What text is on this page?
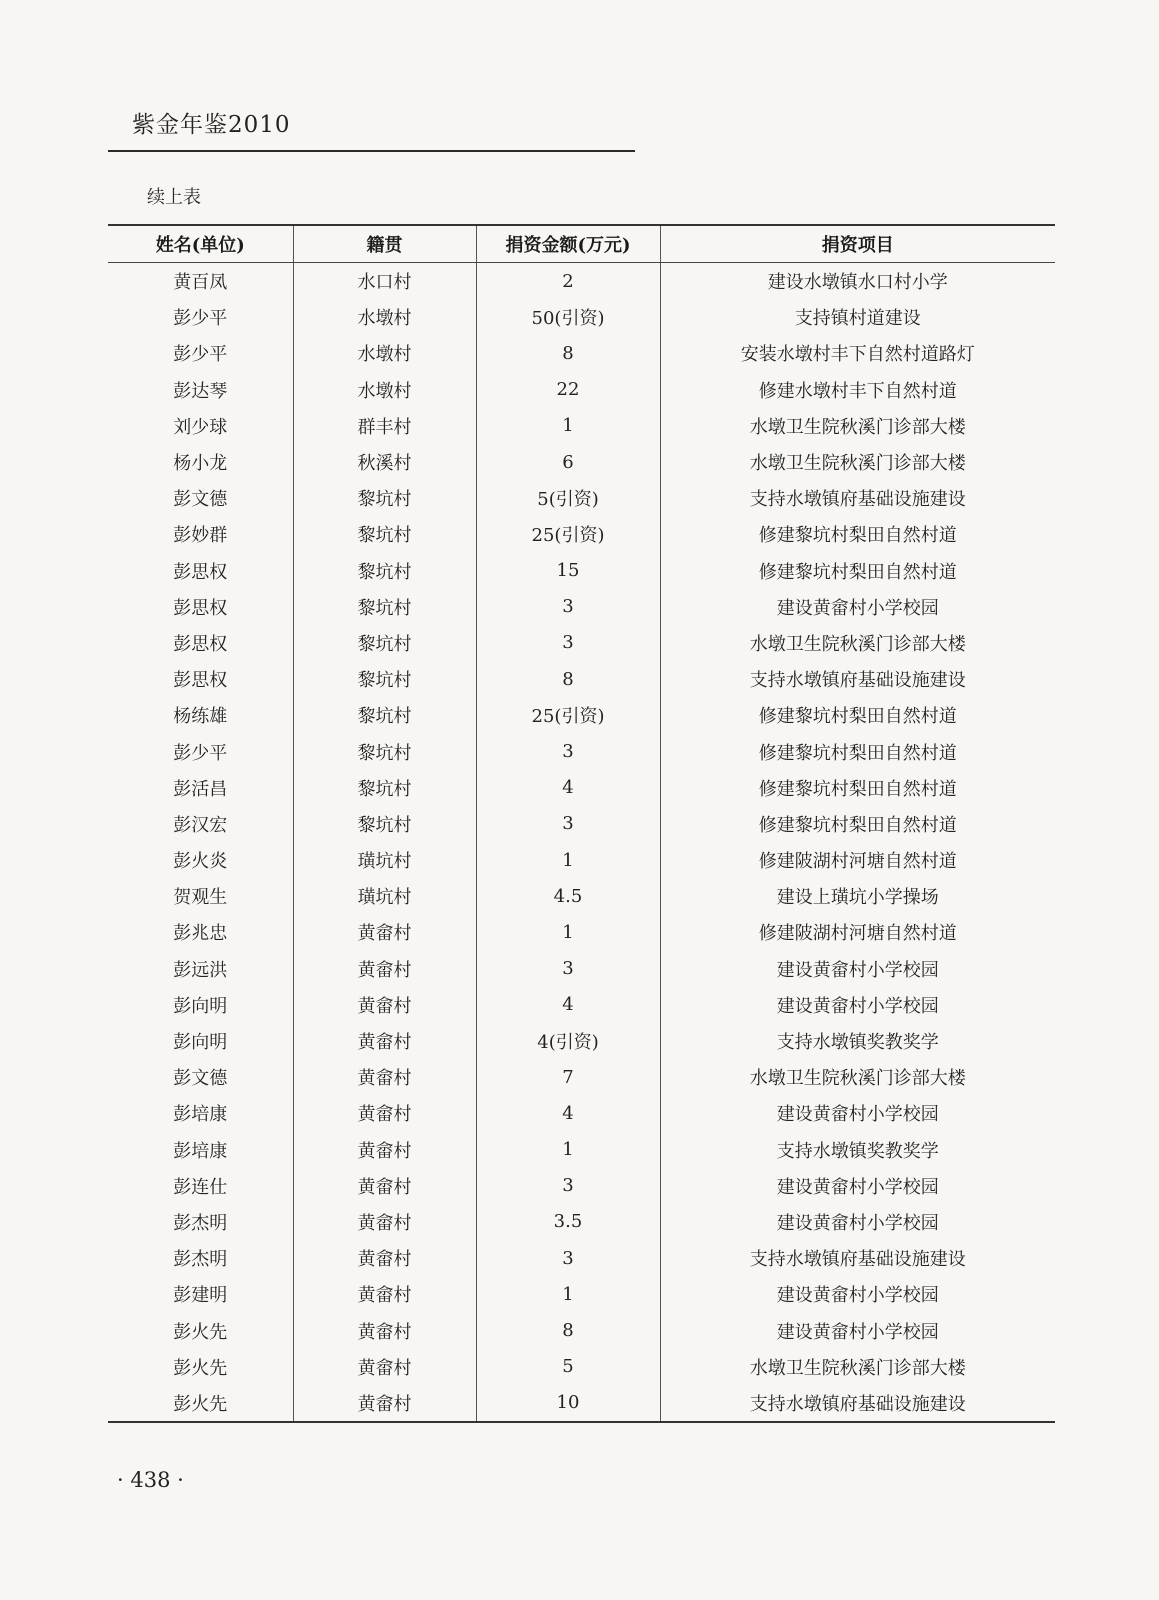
紫金年鉴2010
续上表
姓名(单位)	籍贯	捐资金额(万元)	捐资项目
黄百凤	水口村	2	建设水墩镇水口村小学
彭少平	水墩村	50(引资)	支持镇村道建设
彭少平	水墩村	8	安装水墩村丰下自然村道路灯
彭达琴	水墩村	22	修建水墩村丰下自然村道
刘少球	群丰村	1	水墩卫生院秋溪门诊部大楼
杨小龙	秋溪村	6	水墩卫生院秋溪门诊部大楼
彭文德	黎坑村	5(引资)	支持水墩镇府基础设施建设
彭妙群	黎坑村	25(引资)	修建黎坑村梨田自然村道
彭思权	黎坑村	15	修建黎坑村梨田自然村道
彭思权	黎坑村	3	建设黄畲村小学校园
彭思权	黎坑村	3	水墩卫生院秋溪门诊部大楼
彭思权	黎坑村	8	支持水墩镇府基础设施建设
杨练雄	黎坑村	25(引资)	修建黎坑村梨田自然村道
彭少平	黎坑村	3	修建黎坑村梨田自然村道
彭活昌	黎坑村	4	修建黎坑村梨田自然村道
彭汉宏	黎坑村	3	修建黎坑村梨田自然村道
彭火炎	璜坑村	1	修建陂湖村河塘自然村道
贺观生	璜坑村	4.5	建设上璜坑小学操场
彭兆忠	黄畲村	1	修建陂湖村河塘自然村道
彭远洪	黄畲村	3	建设黄畲村小学校园
彭向明	黄畲村	4	建设黄畲村小学校园
彭向明	黄畲村	4(引资)	支持水墩镇奖教奖学
彭文德	黄畲村	7	水墩卫生院秋溪门诊部大楼
彭培康	黄畲村	4	建设黄畲村小学校园
彭培康	黄畲村	1	支持水墩镇奖教奖学
彭连仕	黄畲村	3	建设黄畲村小学校园
彭杰明	黄畲村	3.5	建设黄畲村小学校园
彭杰明	黄畲村	3	支持水墩镇府基础设施建设
彭建明	黄畲村	1	建设黄畲村小学校园
彭火先	黄畲村	8	建设黄畲村小学校园
彭火先	黄畲村	5	水墩卫生院秋溪门诊部大楼
彭火先	黄畲村	10	支持水墩镇府基础设施建设
· 438 ·
